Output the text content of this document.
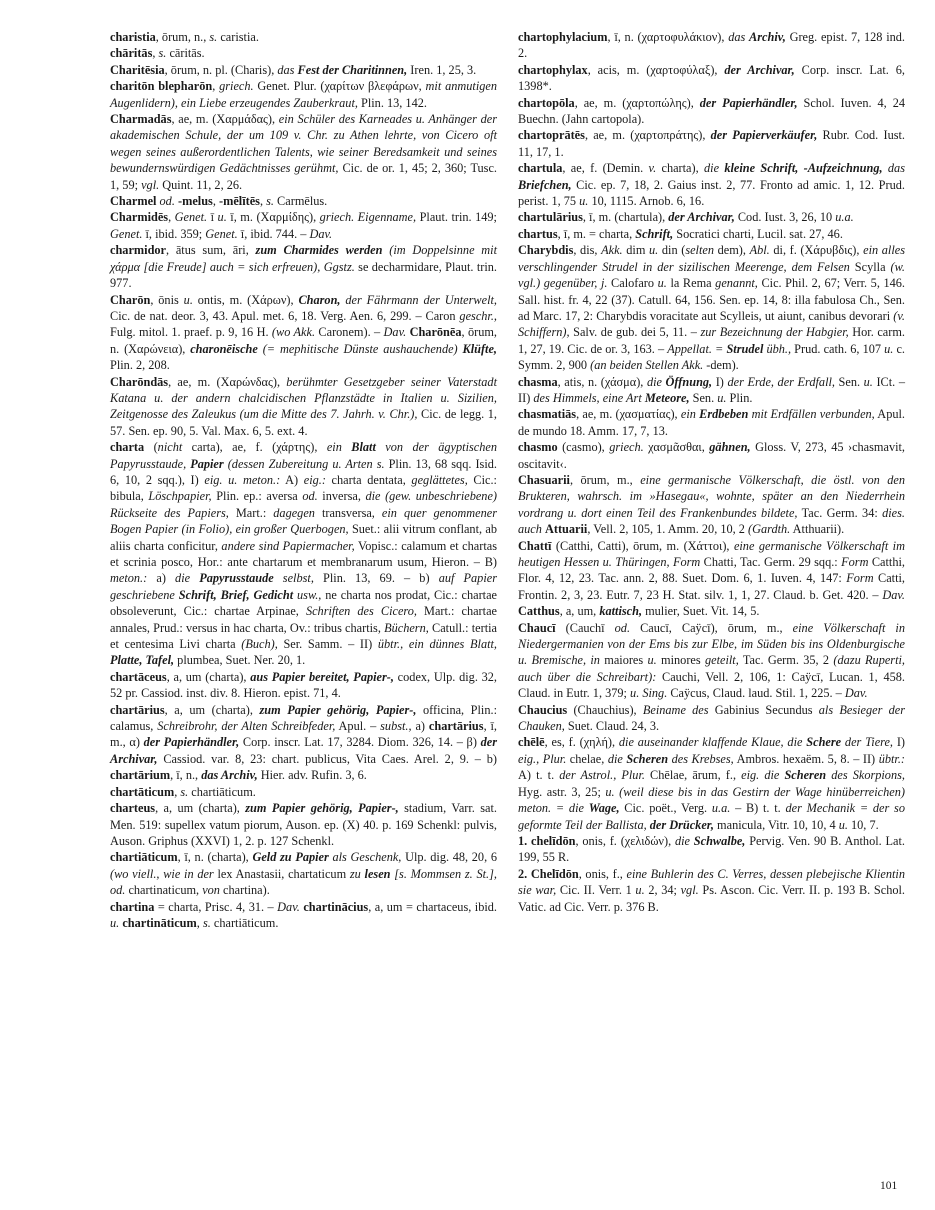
charistia, ōrum, n., s. caristia.

chāritās, s. cāritās.

Charitēsia, ōrum, n. pl. (Charis), das Fest der Charitinnen, Iren. 1, 25, 3.

charitōn blepharōn, griech. Genet. Plur. (χαρίτων βλεφάρων, mit anmutigen Augenlidern), ein Liebe erzeugendes Zauberkraut, Plin. 13, 142.

Charmadās, ae, m. (Χαρμάδας), ein Schüler des Karneades u. Anhänger der akademischen Schule, der um 109 v. Chr. zu Athen lehrte, von Cicero oft wegen seines außerordentlichen Talents, wie seiner Beredsamkeit und seines bewundernswürdigen Gedächtnisses gerühmt, Cic. de or. 1, 45; 2, 360; Tusc. 1, 59; vgl. Quint. 11, 2, 26.

Charmel od. -melus, -mēlītēs, s. Carmēlus.

Charmidēs, Genet. ī u. ī, m. (Χαρμίδης), griech. Eigenname, Plaut. trin. 149; Genet. ī, ibid. 359; Genet. ī, ibid. 744. – Dav.

charmidor, ātus sum, āri, zum Charmides werden (im Doppelsinne mit χάρμα [die Freude] auch = sich erfreuen), Ggstz. se decharmidare, Plaut. trin. 977.

Charōn, ōnis u. ontis, m. (Χάρων), Charon, der Fährmann der Unterwelt, Cic. de nat. deor. 3, 43. Apul. met. 6, 18. Verg. Aen. 6, 299. – Caron geschr., Fulg. mitol. 1. praef. p. 9, 16 H. (wo Akk. Caronem). – Dav. Charōnēa, ōrum, n. (Χαρώνεια), charonēische (= mephitische Dünste aushauchende) Klüfte, Plin. 2, 208.

Charōndās, ae, m. (Χαρώνδας), berühmter Gesetzgeber seiner Vaterstadt Katana u. der andern chalcidischen Pflanzstädte in Italien u. Sizilien, Zeitgenosse des Zaleukus (um die Mitte des 7. Jahrh. v. Chr.), Cic. de legg. 1, 57. Sen. ep. 90, 5. Val. Max. 6, 5. ext. 4.

charta (nicht carta), ae, f. (χάρτης), ein Blatt von der ägyptischen Papyrusstaude, Papier (dessen Zubereitung u. Arten s. Plin. 13, 68 sqq. Isid. 6, 10, 2 sqq.), I) eig. u. meton.: A) eig.: charta dentata, geglättetes, Cic.: bibula, Löschpapier, Plin. ep.: aversa od. inversa, die (gew. unbeschriebene) Rückseite des Papiers, Mart.: dagegen transversa, ein quer genommener Bogen Papier (in Folio), ein großer Querbogen, Suet.: alii vitrum conflant, ab aliis charta conficitur, andere sind Papiermacher, Vopisc.: calamum et chartas et scrinia posco, Hor.: ante chartarum et membranarum usum, Hieron. – B) meton.: a) die Papyrusstaude selbst, Plin. 13, 69. – b) auf Papier geschriebene Schrift, Brief, Gedicht usw., ne charta nos prodat, Cic.: chartae obsoleverunt, Cic.: chartae Arpinae, Schriften des Cicero, Mart.: chartae annales, Prud.: versus in hac charta, Ov.: tribus chartis, Büchern, Catull.: tertia et centesima Livi charta (Buch), Ser. Samm. – II) übtr., ein dünnes Blatt, Platte, Tafel, plumbea, Suet. Ner. 20, 1.

chartāceus, a, um (charta), aus Papier bereitet, Papier-, codex, Ulp. dig. 32, 52 pr. Cassiod. inst. div. 8. Hieron. epist. 71, 4.

chartārius, a, um (charta), zum Papier gehörig, Papier-, officina, Plin.: calamus, Schreibrohr, der Alten Schreibfeder, Apul. – subst., a) chartārius, ī, m., α) der Papierhändler, Corp. inscr. Lat. 17, 3284. Diom. 326, 14. – β) der Archivar, Cassiod. var. 8, 23: chart. publicus, Vita Caes. Arel. 2, 9. – b) chartārium, ī, n., das Archiv, Hier. adv. Rufin. 3, 6.

chartāticum, s. chartiāticum.

charteus, a, um (charta), zum Papier gehörig, Papier-, stadium, Varr. sat. Men. 519: supellex vatum piorum, Auson. ep. (X) 40. p. 169 Schenkl: pulvis, Auson. Griphus (XXVI) 1, 2. p. 127 Schenkl.

chartiāticum, ī, n. (charta), Geld zu Papier als Geschenk, Ulp. dig. 48, 20, 6 (wo viell., wie in der lex Anastasii, chartaticum zu lesen [s. Mommsen z. St.], od. chartinaticum, von chartina).

chartina = charta, Prisc. 4, 31. – Dav. chartinācius, a, um = chartaceus, ibid. u. chartināticum, s. chartiāticum.

chartophylacium, ī, n. (χαρτοφυλάκιον), das Archiv, Greg. epist. 7, 128 ind. 2.

chartophylax, acis, m. (χαρτοφύλαξ), der Archivar, Corp. inscr. Lat. 6, 1398*.

chartopōla, ae, m. (χαρτοπώλης), der Papierhändler, Schol. Iuven. 4, 24 Buechn. (Jahn cartopola).

chartoprātēs, ae, m. (χαρτοπράτης), der Papierverkäufer, Rubr. Cod. Iust. 11, 17, 1.

chartula, ae, f. (Demin. v. charta), die kleine Schrift, -Aufzeichnung, das Briefchen, Cic. ep. 7, 18, 2. Gaius inst. 2, 77. Fronto ad amic. 1, 12. Prud. perist. 1, 75 u. 10, 1115. Arnob. 6, 16.

chartulārius, ī, m. (chartula), der Archivar, Cod. Iust. 3, 26, 10 u.a.

chartus, ī, m. = charta, Schrift, Socratici charti, Lucil. sat. 27, 46.

Charybdis, dis, Akk. dim u. din (selten dem), Abl. di, f. (Χάρυβδις), ein alles verschlingender Strudel in der sizilischen Meerenge, dem Felsen Scylla (w. vgl.) gegenüber, j. Calofaro u. la Rema genannt, Cic. Phil. 2, 67; Verr. 5, 146. Sall. hist. fr. 4, 22 (37). Catull. 64, 156. Sen. ep. 14, 8: illa fabulosa Ch., Sen. ad Marc. 17, 2: Charybdis voracitate aut Scylleis, ut aiunt, canibus devorari (v. Schiffern), Salv. de gub. dei 5, 11. – zur Bezeichnung der Habgier, Hor. carm. 1, 27, 19. Cic. de or. 3, 163. – Appellat. = Strudel übh., Prud. cath. 6, 107 u. c. Symm. 2, 900 (an beiden Stellen Akk. -dem).

chasma, atis, n. (χάσμα), die Öffnung, I) der Erde, der Erdfall, Sen. u. ICt. – II) des Himmels, eine Art Meteore, Sen. u. Plin.

chasmatiās, ae, m. (χασματίας), ein Erdbeben mit Erdfällen verbunden, Apul. de mundo 18. Amm. 17, 7, 13.

chasmo (casmo), griech. χασμᾶσθαι, gähnen, Gloss. V, 273, 45 ›chasmavit, oscitavit‹.

Chasuarii, ōrum, m., eine germanische Völkerschaft, die östl. von den Brukteren, wahrsch. im »Hasegau«, wohnte, später an den Niederrhein vordrang u. dort einen Teil des Frankenbundes bildete, Tac. Germ. 34: dies. auch Attuarii, Vell. 2, 105, 1. Amm. 20, 10, 2 (Gardth. Atthuarii).

Chattī (Catthi, Catti), ōrum, m. (Χάττοι), eine germanische Völkerschaft im heutigen Hessen u. Thüringen, Form Chatti, Tac. Germ. 29 sqq.: Form Catthi, Flor. 4, 12, 23. Tac. ann. 2, 88. Suet. Dom. 6, 1. Iuven. 4, 147: Form Catti, Frontin. 2, 3, 23. Eutr. 7, 23 H. Stat. silv. 1, 1, 27. Claud. b. Get. 420. – Dav. Catthus, a, um, kattisch, mulier, Suet. Vit. 14, 5.

Chaucī (Cauchī od. Caucī, Caÿcī), ōrum, m., eine Völkerschaft in Niedergermanien von der Ems bis zur Elbe, im Süden bis ins Oldenburgische u. Bremische, in maiores u. minores geteilt, Tac. Germ. 35, 2 (dazu Ruperti, auch über die Schreibart): Cauchi, Vell. 2, 106, 1: Caÿcī, Lucan. 1, 458. Claud. in Eutr. 1, 379; u. Sing. Caÿcus, Claud. laud. Stil. 1, 225. – Dav.

Chaucius (Chauchius), Beiname des Gabinius Secundus als Besieger der Chauken, Suet. Claud. 24, 3.

chēlē, es, f. (χηλή), die auseinander klaffende Klaue, die Schere der Tiere, I) eig., Plur. chelae, die Scheren des Krebses, Ambros. hexaëm. 5, 8. – II) übtr.: A) t. t. der Astrol., Plur. Chēlae, ārum, f., eig. die Scheren des Skorpions, Hyg. astr. 3, 25; u. (weil diese bis in das Gestirn der Wage hinüberreichen) meton. = die Wage, Cic. poët., Verg. u.a. – B) t. t. der Mechanik = der so geformte Teil der Ballista, der Drücker, manicula, Vitr. 10, 10, 4 u. 10, 7.

1. chelīdōn, onis, f. (χελιδών), die Schwalbe, Pervig. Ven. 90 B. Anthol. Lat. 199, 55 R.

2. Chelīdōn, onis, f., eine Buhlerin des C. Verres, dessen plebejische Klientin sie war, Cic. II. Verr. 1 u. 2, 34; vgl. Ps. Ascon. Cic. Verr. II. p. 193 B. Schol. Vatic. ad Cic. Verr. p. 376 B.

101
